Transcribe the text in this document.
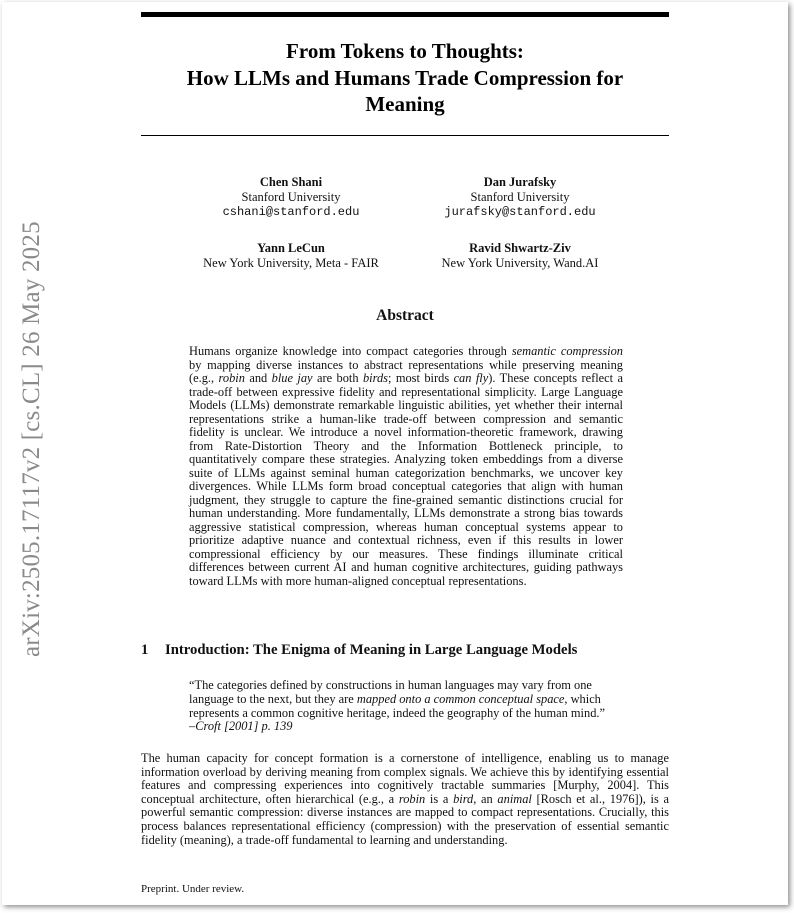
arXiv:2505.17117v2 [cs.CL] 26 May 2025
From Tokens to Thoughts:
How LLMs and Humans Trade Compression for
Meaning
Chen Shani
Stanford University
cshani@stanford.edu
Dan Jurafsky
Stanford University
jurafsky@stanford.edu
Yann LeCun
New York University, Meta - FAIR
Ravid Shwartz-Ziv
New York University, Wand.AI
Abstract
Humans organize knowledge into compact categories through semantic compression by mapping diverse instances to abstract representations while preserving meaning (e.g., robin and blue jay are both birds; most birds can fly). These concepts reflect a trade-off between expressive fidelity and representational simplicity. Large Language Models (LLMs) demonstrate remarkable linguistic abilities, yet whether their internal representations strike a human-like trade-off between compression and semantic fidelity is unclear. We introduce a novel information-theoretic framework, drawing from Rate-Distortion Theory and the Information Bottleneck principle, to quantitatively compare these strategies. Analyzing token embeddings from a diverse suite of LLMs against seminal human categorization benchmarks, we uncover key divergences. While LLMs form broad conceptual categories that align with human judgment, they struggle to capture the fine-grained semantic distinctions crucial for human understanding. More fundamentally, LLMs demonstrate a strong bias towards aggressive statistical compression, whereas human conceptual systems appear to prioritize adaptive nuance and contextual richness, even if this results in lower compressional efficiency by our measures. These findings illuminate critical differences between current AI and human cognitive architectures, guiding pathways toward LLMs with more human-aligned conceptual representations.
1 Introduction: The Enigma of Meaning in Large Language Models
“The categories defined by constructions in human languages may vary from one language to the next, but they are mapped onto a common conceptual space, which represents a common cognitive heritage, indeed the geography of the human mind.”
–Croft [2001] p. 139
The human capacity for concept formation is a cornerstone of intelligence, enabling us to manage information overload by deriving meaning from complex signals. We achieve this by identifying essential features and compressing experiences into cognitively tractable summaries [Murphy, 2004]. This conceptual architecture, often hierarchical (e.g., a robin is a bird, an animal [Rosch et al., 1976]), is a powerful semantic compression: diverse instances are mapped to compact representations. Crucially, this process balances representational efficiency (compression) with the preservation of essential semantic fidelity (meaning), a trade-off fundamental to learning and understanding.
Preprint. Under review.
